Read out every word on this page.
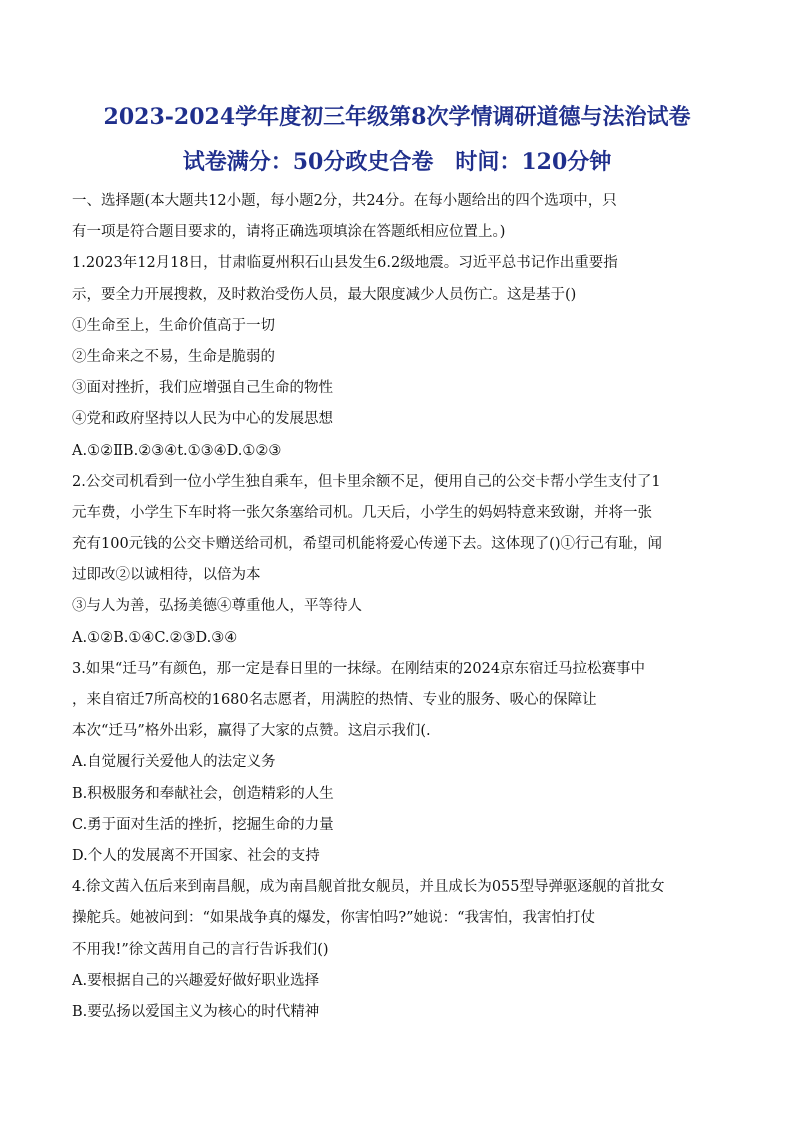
2023-2024学年度初三年级第8次学情调研道德与法治试卷
试卷满分：50分政史合卷　时间：120分钟
一、选择题(本大题共12小题，每小题2分，共24分。在每小题给出的四个选项中，只
有一项是符合题目要求的，请将正确选项填涂在答题纸相应位置上。)
1.2023年12月18日，甘肃临夏州积石山县发生6.2级地震。习近平总书记作出重要指
示，要全力开展搜救，及时救治受伤人员，最大限度减少人员伤亡。这是基于()
①生命至上，生命价值高于一切
②生命来之不易，生命是脆弱的
③面对挫折，我们应增强自己生命的物性
④党和政府坚持以人民为中心的发展思想
A.①②ⅡB.②③④t.①③④D.①②③
2.公交司机看到一位小学生独自乘车，但卡里余额不足，便用自己的公交卡帮小学生支付了1
元车费，小学生下车时将一张欠条塞给司机。几天后，小学生的妈妈特意来致谢，并将一张
充有100元钱的公交卡赠送给司机，希望司机能将爱心传递下去。这体现了()①行己有耻，闻
过即改②以诚相待，以倍为本
③与人为善，弘扬美德④尊重他人，平等待人
A.①②B.①④C.②③D.③④
3.如果“迁马”有颜色，那一定是春日里的一抹绿。在刚结束的2024京东宿迁马拉松赛事中
，来自宿迁7所高校的1680名志愿者，用满腔的热情、专业的服务、吸心的保障让
本次“迁马”格外出彩，赢得了大家的点赞。这启示我们(.
A.自觉履行关爱他人的法定义务
B.积极服务和奉献社会，创造精彩的人生
C.勇于面对生活的挫折，挖掘生命的力量
D.个人的发展离不开国家、社会的支持
4.徐文茜入伍后来到南昌舰，成为南昌舰首批女舰员，并且成长为055型导弹驱逐舰的首批女
操舵兵。她被问到：“如果战争真的爆发，你害怕吗?”她说：“我害怕，我害怕打仗
不用我!”徐文茜用自己的言行告诉我们()
A.要根据自己的兴趣爱好做好职业选择
B.要弘扬以爱国主义为核心的时代精神
